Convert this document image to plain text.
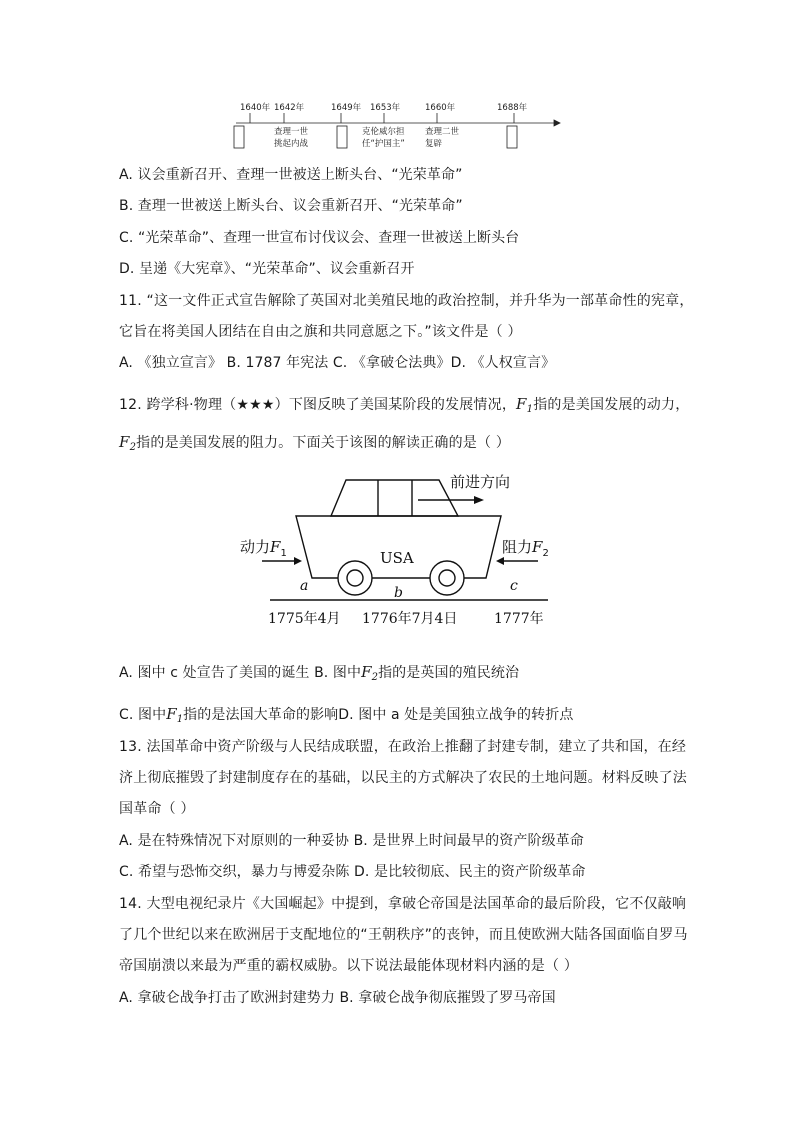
1640年 1642年	1649年 1653年	1660年	1688年
查理一世
挑起内战
克伦威尔担
任“护国主”
查理二世
复辟
A. 议会重新召开、查理一世被送上断头台、“光荣革命”
B. 查理一世被送上断头台、议会重新召开、“光荣革命”
C. “光荣革命”、查理一世宣布讨伐议会、查理一世被送上断头台
D. 呈递《大宪章》、“光荣革命”、议会重新召开
11. “这一文件正式宣告解除了英国对北美殖民地的政治控制，并升华为一部革命性的宪章，
它旨在将美国人团结在自由之旗和共同意愿之下。”该文件是（ ）
A. 《独立宣言》 B. 1787 年宪法 C. 《拿破仑法典》D. 《人权宣言》
12. 跨学科·物理（★★★）下图反映了美国某阶段的发展情况，$F_1$指的是美国发展的动力，
$F_2$指的是美国发展的阻力。下面关于该图的解读正确的是（ ）
前进方向
USA
动力$F_1$	阻力$F_2$
a	b	c
1775年4月 1776年7月4日	1777年
A. 图中 c 处宣告了美国的诞生 B. 图中$F_2$指的是英国的殖民统治
C. 图中$F_1$指的是法国大革命的影响D. 图中 a 处是美国独立战争的转折点
13. 法国革命中资产阶级与人民结成联盟，在政治上推翻了封建专制，建立了共和国，在经
济上彻底摧毁了封建制度存在的基础，以民主的方式解决了农民的土地问题。材料反映了法
国革命（ ）
A. 是在特殊情况下对原则的一种妥协 B. 是世界上时间最早的资产阶级革命
C. 希望与恐怖交织，暴力与博爱杂陈 D. 是比较彻底、民主的资产阶级革命
14. 大型电视纪录片《大国崛起》中提到，拿破仑帝国是法国革命的最后阶段，它不仅敲响
了几个世纪以来在欧洲居于支配地位的“王朝秩序”的丧钟，而且使欧洲大陆各国面临自罗马
帝国崩溃以来最为严重的霸权威胁。以下说法最能体现材料内涵的是（ ）
A. 拿破仑战争打击了欧洲封建势力 B. 拿破仑战争彻底摧毁了罗马帝国
